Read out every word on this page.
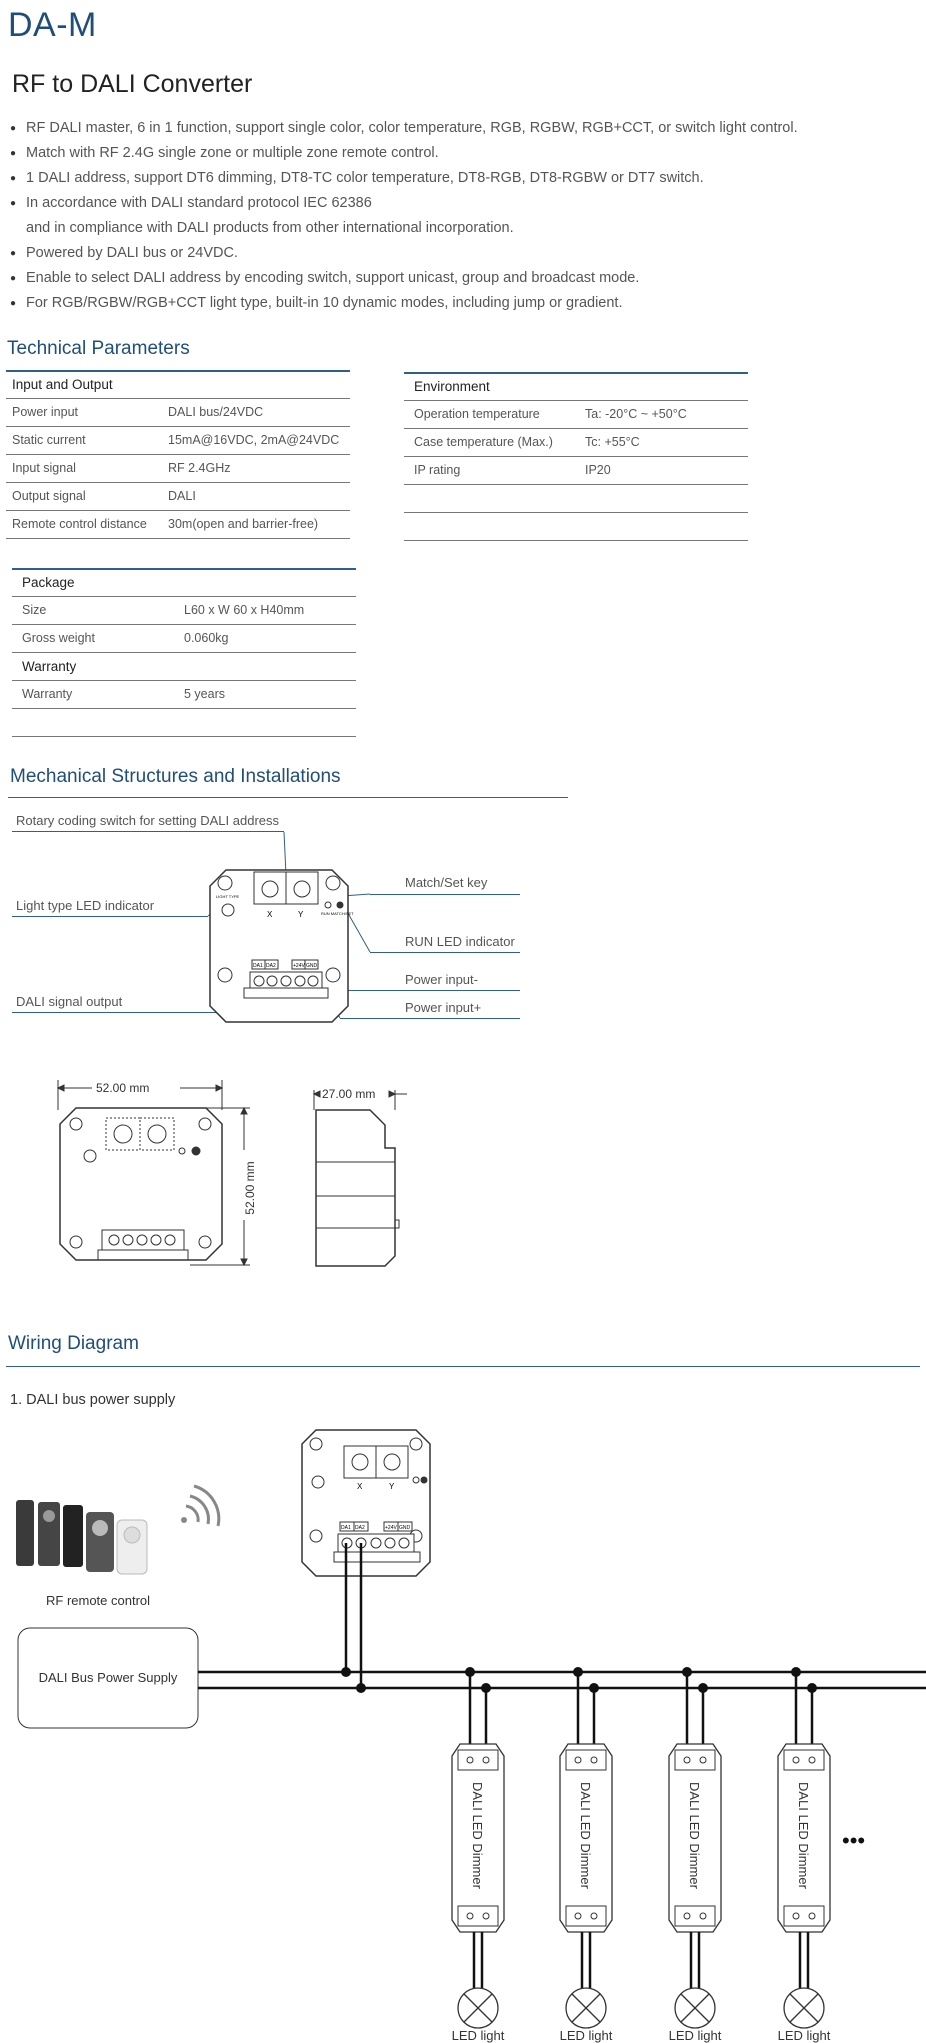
DA-M
RF to DALI Converter
● RF DALI master, 6 in 1 function, support single color, color temperature, RGB, RGBW, RGB+CCT, or switch light control.
● Match with RF 2.4G single zone or multiple zone remote control.
● 1 DALI address, support DT6 dimming, DT8-TC color temperature, DT8-RGB, DT8-RGBW or DT7 switch.
● In accordance with DALI standard protocol IEC 62386
and in compliance with DALI products from other international incorporation.
● Powered by DALI bus or 24VDC.
● Enable to select DALI address by encoding switch, support unicast, group and broadcast mode.
● For RGB/RGBW/RGB+CCT light type, built-in 10 dynamic modes, including jump or gradient.
Technical Parameters
Input and Output
Power input	DALI bus/24VDC
Static current	15mA@16VDC, 2mA@24VDC
Input signal	RF 2.4GHz
Output signal	DALI
Remote control distance 30m(open and barrier-free)
Environment
Operation temperature	Ta: -20°C ~ +50°C
Case temperature (Max.)	Tc: +55°C
IP rating	IP20
Package
Size	L60 x W 60 x H40mm
Gross weight	0.060kg
Warranty
Warranty	5 years
Mechanical Structures and Installations
Rotary coding switch for setting DALI address
Light type LED indicator
DALI signal output
Match/Set key
RUN LED indicator
Power input-
Power input+
X	Y
LIGHT TYPE
RUN MATCH/SET
DA1 DA2	+24V GND
52.00 mm
52.00 mm
27.00 mm
Wiring Diagram
1. DALI bus power supply
RF remote control
DALI Bus Power Supply
X	Y
DA1 DA2	+24V GND
DALI LED Dimmer
LED light
DALI LED Dimmer
LED light
DALI LED Dimmer
LED light
DALI LED Dimmer
LED light
•••
